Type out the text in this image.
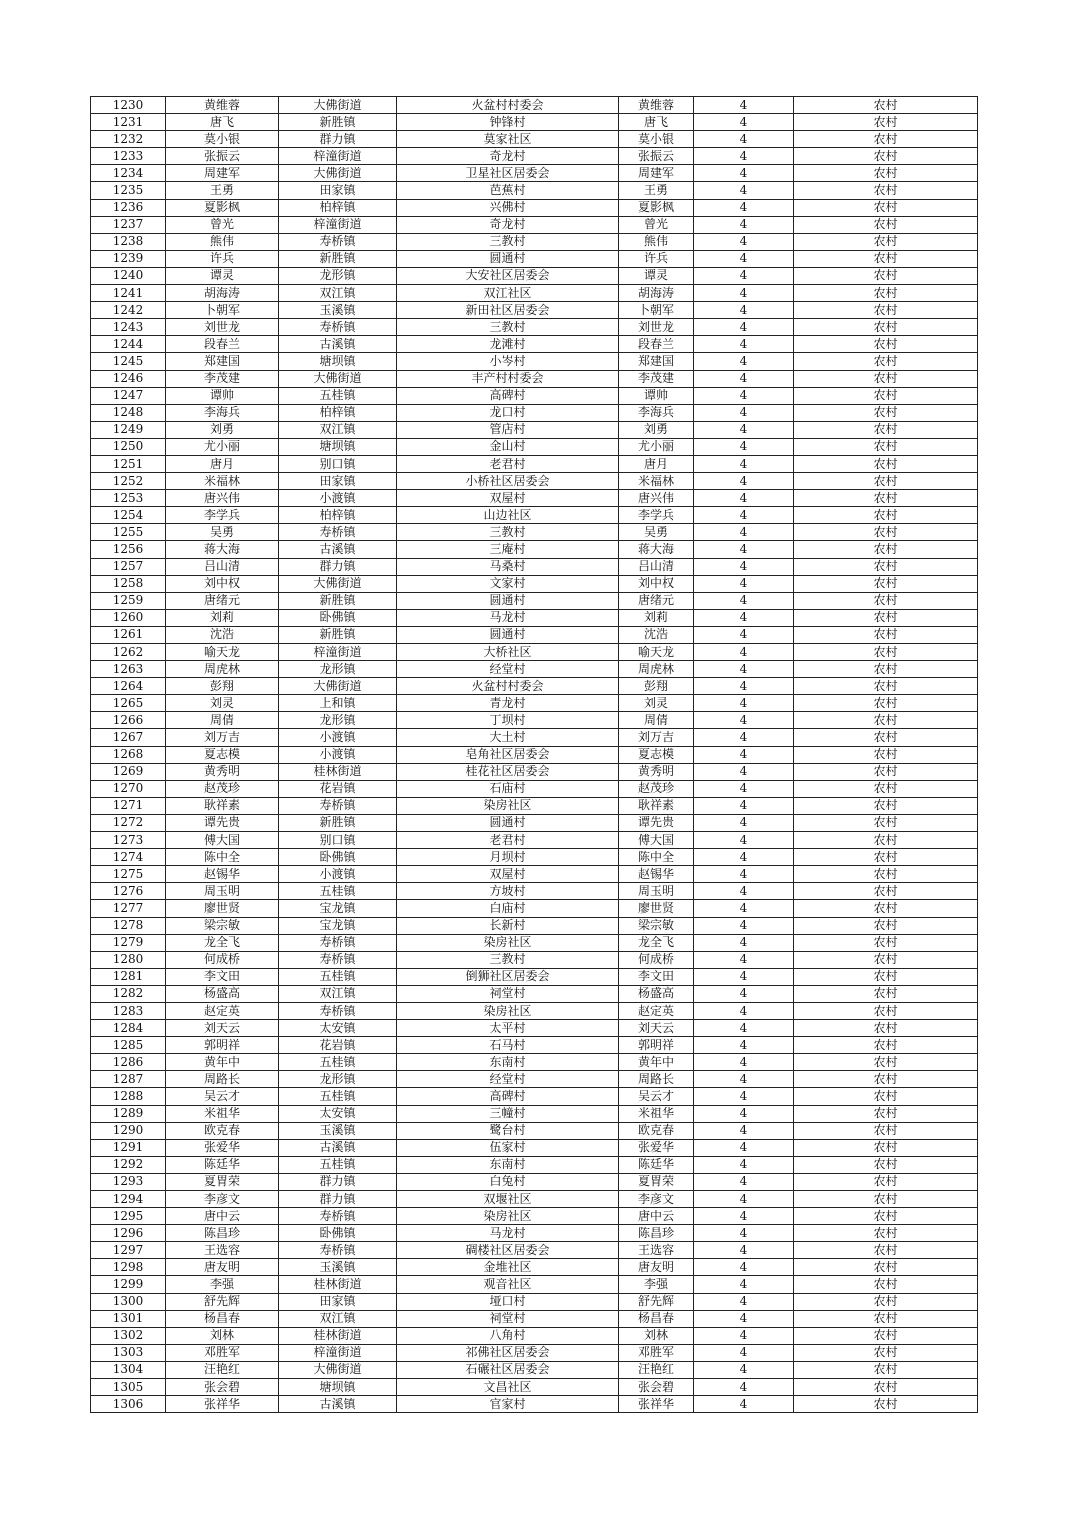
1230	黄维蓉	大佛街道	火盆村村委会	黄维蓉	4	农村
1231	唐飞	新胜镇	钟锋村	唐飞	4	农村
1232	莫小银	群力镇	莫家社区	莫小银	4	农村
1233	张振云	梓潼街道	奇龙村	张振云	4	农村
1234	周建军	大佛街道	卫星社区居委会	周建军	4	农村
1235	王勇	田家镇	芭蕉村	王勇	4	农村
1236	夏影枫	柏梓镇	兴佛村	夏影枫	4	农村
1237	曾光	梓潼街道	奇龙村	曾光	4	农村
1238	熊伟	寿桥镇	三教村	熊伟	4	农村
1239	许兵	新胜镇	圆通村	许兵	4	农村
1240	谭灵	龙形镇	大安社区居委会	谭灵	4	农村
1241	胡海涛	双江镇	双江社区	胡海涛	4	农村
1242	卜朝军	玉溪镇	新田社区居委会	卜朝军	4	农村
1243	刘世龙	寿桥镇	三教村	刘世龙	4	农村
1244	段春兰	古溪镇	龙滩村	段春兰	4	农村
1245	郑建国	塘坝镇	小岑村	郑建国	4	农村
1246	李茂建	大佛街道	丰产村村委会	李茂建	4	农村
1247	谭帅	五桂镇	高碑村	谭帅	4	农村
1248	李海兵	柏梓镇	龙口村	李海兵	4	农村
1249	刘勇	双江镇	管店村	刘勇	4	农村
1250	尤小丽	塘坝镇	金山村	尤小丽	4	农村
1251	唐月	别口镇	老君村	唐月	4	农村
1252	米福林	田家镇	小桥社区居委会	米福林	4	农村
1253	唐兴伟	小渡镇	双屋村	唐兴伟	4	农村
1254	李学兵	柏梓镇	山边社区	李学兵	4	农村
1255	吴勇	寿桥镇	三教村	吴勇	4	农村
1256	蒋大海	古溪镇	三庵村	蒋大海	4	农村
1257	吕山清	群力镇	马桑村	吕山清	4	农村
1258	刘中权	大佛街道	文家村	刘中权	4	农村
1259	唐绪元	新胜镇	圆通村	唐绪元	4	农村
1260	刘莉	卧佛镇	马龙村	刘莉	4	农村
1261	沈浩	新胜镇	圆通村	沈浩	4	农村
1262	喻天龙	梓潼街道	大桥社区	喻天龙	4	农村
1263	周虎林	龙形镇	经堂村	周虎林	4	农村
1264	彭翔	大佛街道	火盆村村委会	彭翔	4	农村
1265	刘灵	上和镇	青龙村	刘灵	4	农村
1266	周倩	龙形镇	丁坝村	周倩	4	农村
1267	刘万吉	小渡镇	大土村	刘万吉	4	农村
1268	夏志模	小渡镇	皂角社区居委会	夏志模	4	农村
1269	黄秀明	桂林街道	桂花社区居委会	黄秀明	4	农村
1270	赵茂珍	花岩镇	石庙村	赵茂珍	4	农村
1271	耿祥素	寿桥镇	染房社区	耿祥素	4	农村
1272	谭先贵	新胜镇	圆通村	谭先贵	4	农村
1273	傅大国	别口镇	老君村	傅大国	4	农村
1274	陈中全	卧佛镇	月坝村	陈中全	4	农村
1275	赵锡华	小渡镇	双屋村	赵锡华	4	农村
1276	周玉明	五桂镇	方坡村	周玉明	4	农村
1277	廖世贤	宝龙镇	白庙村	廖世贤	4	农村
1278	梁宗敏	宝龙镇	长新村	梁宗敏	4	农村
1279	龙全飞	寿桥镇	染房社区	龙全飞	4	农村
1280	何成桥	寿桥镇	三教村	何成桥	4	农村
1281	李文田	五桂镇	倒狮社区居委会	李文田	4	农村
1282	杨盛高	双江镇	祠堂村	杨盛高	4	农村
1283	赵定英	寿桥镇	染房社区	赵定英	4	农村
1284	刘天云	太安镇	太平村	刘天云	4	农村
1285	郭明祥	花岩镇	石马村	郭明祥	4	农村
1286	黄年中	五桂镇	东南村	黄年中	4	农村
1287	周路长	龙形镇	经堂村	周路长	4	农村
1288	吴云才	五桂镇	高碑村	吴云才	4	农村
1289	米祖华	太安镇	三幢村	米祖华	4	农村
1290	欧克春	玉溪镇	鹭台村	欧克春	4	农村
1291	张爱华	古溪镇	伍家村	张爱华	4	农村
1292	陈廷华	五桂镇	东南村	陈廷华	4	农村
1293	夏胃荣	群力镇	白兔村	夏胃荣	4	农村
1294	李彦文	群力镇	双堰社区	李彦文	4	农村
1295	唐中云	寿桥镇	染房社区	唐中云	4	农村
1296	陈昌珍	卧佛镇	马龙村	陈昌珍	4	农村
1297	王选容	寿桥镇	碉楼社区居委会	王选容	4	农村
1298	唐友明	玉溪镇	金堆社区	唐友明	4	农村
1299	李强	桂林街道	观音社区	李强	4	农村
1300	舒先辉	田家镇	垭口村	舒先辉	4	农村
1301	杨昌春	双江镇	祠堂村	杨昌春	4	农村
1302	刘林	桂林街道	八角村	刘林	4	农村
1303	邓胜军	梓潼街道	祁佛社区居委会	邓胜军	4	农村
1304	汪艳红	大佛街道	石碾社区居委会	汪艳红	4	农村
1305	张会碧	塘坝镇	文昌社区	张会碧	4	农村
1306	张祥华	古溪镇	官家村	张祥华	4	农村
